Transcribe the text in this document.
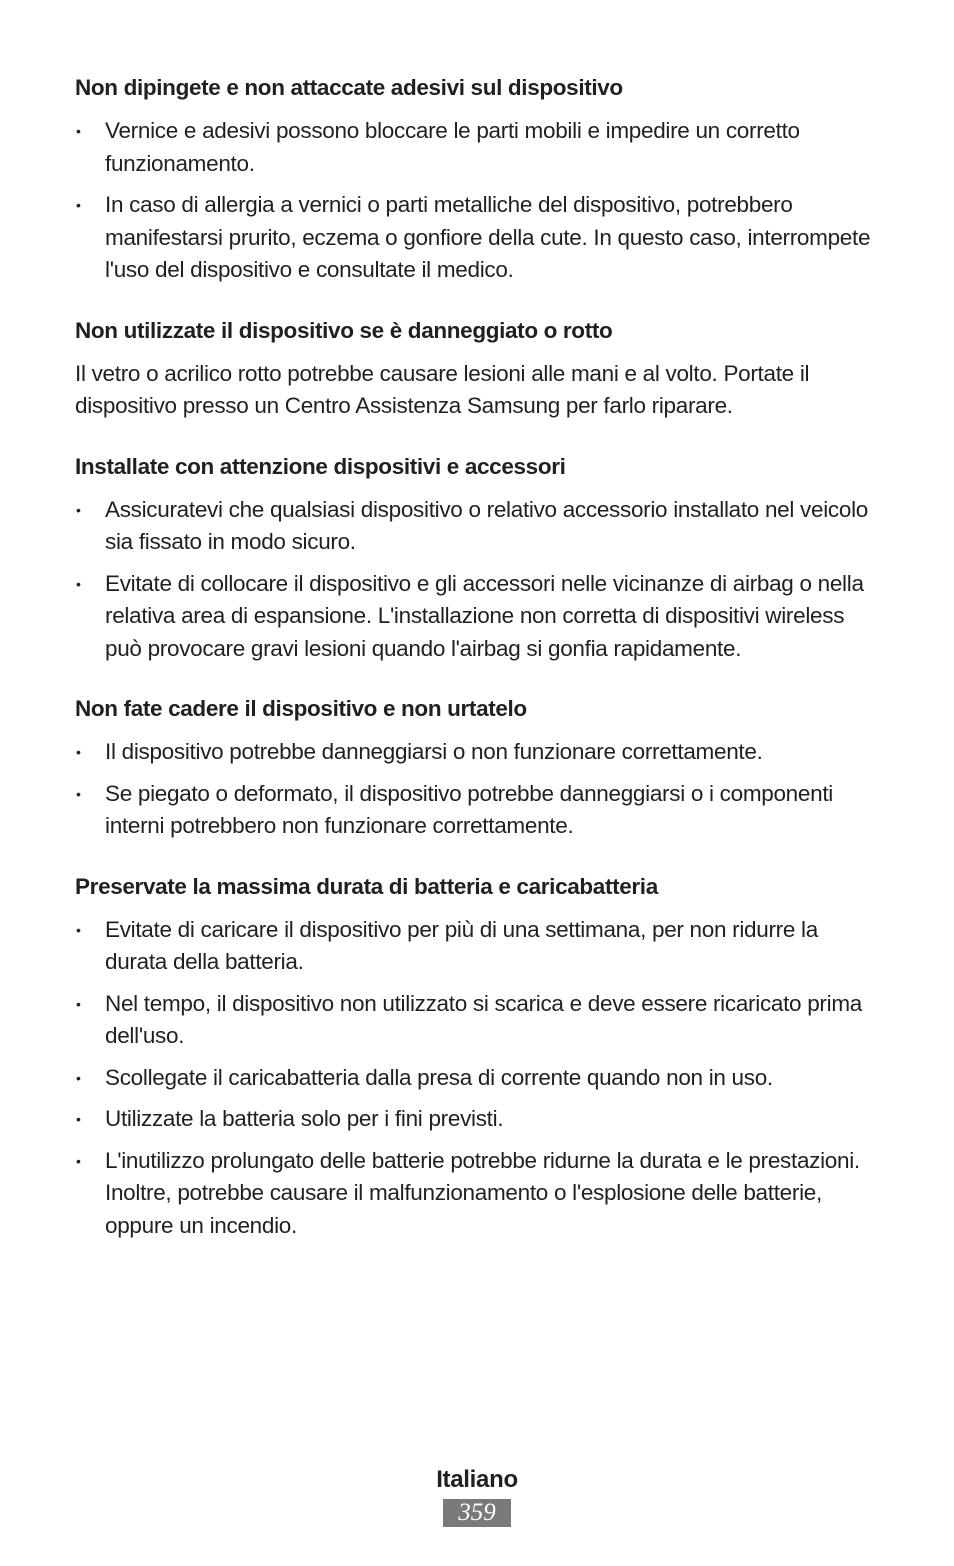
Non dipingete e non attaccate adesivi sul dispositivo
• Vernice e adesivi possono bloccare le parti mobili e impedire un corretto funzionamento.
• In caso di allergia a vernici o parti metalliche del dispositivo, potrebbero manifestarsi prurito, eczema o gonfiore della cute. In questo caso, interrompete l'uso del dispositivo e consultate il medico.
Non utilizzate il dispositivo se è danneggiato o rotto

Il vetro o acrilico rotto potrebbe causare lesioni alle mani e al volto. Portate il dispositivo presso un Centro Assistenza Samsung per farlo riparare.

Installate con attenzione dispositivi e accessori
• Assicuratevi che qualsiasi dispositivo o relativo accessorio installato nel veicolo sia fissato in modo sicuro.
• Evitate di collocare il dispositivo e gli accessori nelle vicinanze di airbag o nella relativa area di espansione. L'installazione non corretta di dispositivi wireless può provocare gravi lesioni quando l'airbag si gonfia rapidamente.
Non fate cadere il dispositivo e non urtatelo
• Il dispositivo potrebbe danneggiarsi o non funzionare correttamente.
• Se piegato o deformato, il dispositivo potrebbe danneggiarsi o i componenti interni potrebbero non funzionare correttamente.
Preservate la massima durata di batteria e caricabatteria
• Evitate di caricare il dispositivo per più di una settimana, per non ridurre la durata della batteria.
• Nel tempo, il dispositivo non utilizzato si scarica e deve essere ricaricato prima dell'uso.
• Scollegate il caricabatteria dalla presa di corrente quando non in uso.
• Utilizzate la batteria solo per i fini previsti.
• L'inutilizzo prolungato delle batterie potrebbe ridurne la durata e le prestazioni. Inoltre, potrebbe causare il malfunzionamento o l'esplosione delle batterie, oppure un incendio.
Italiano
359
